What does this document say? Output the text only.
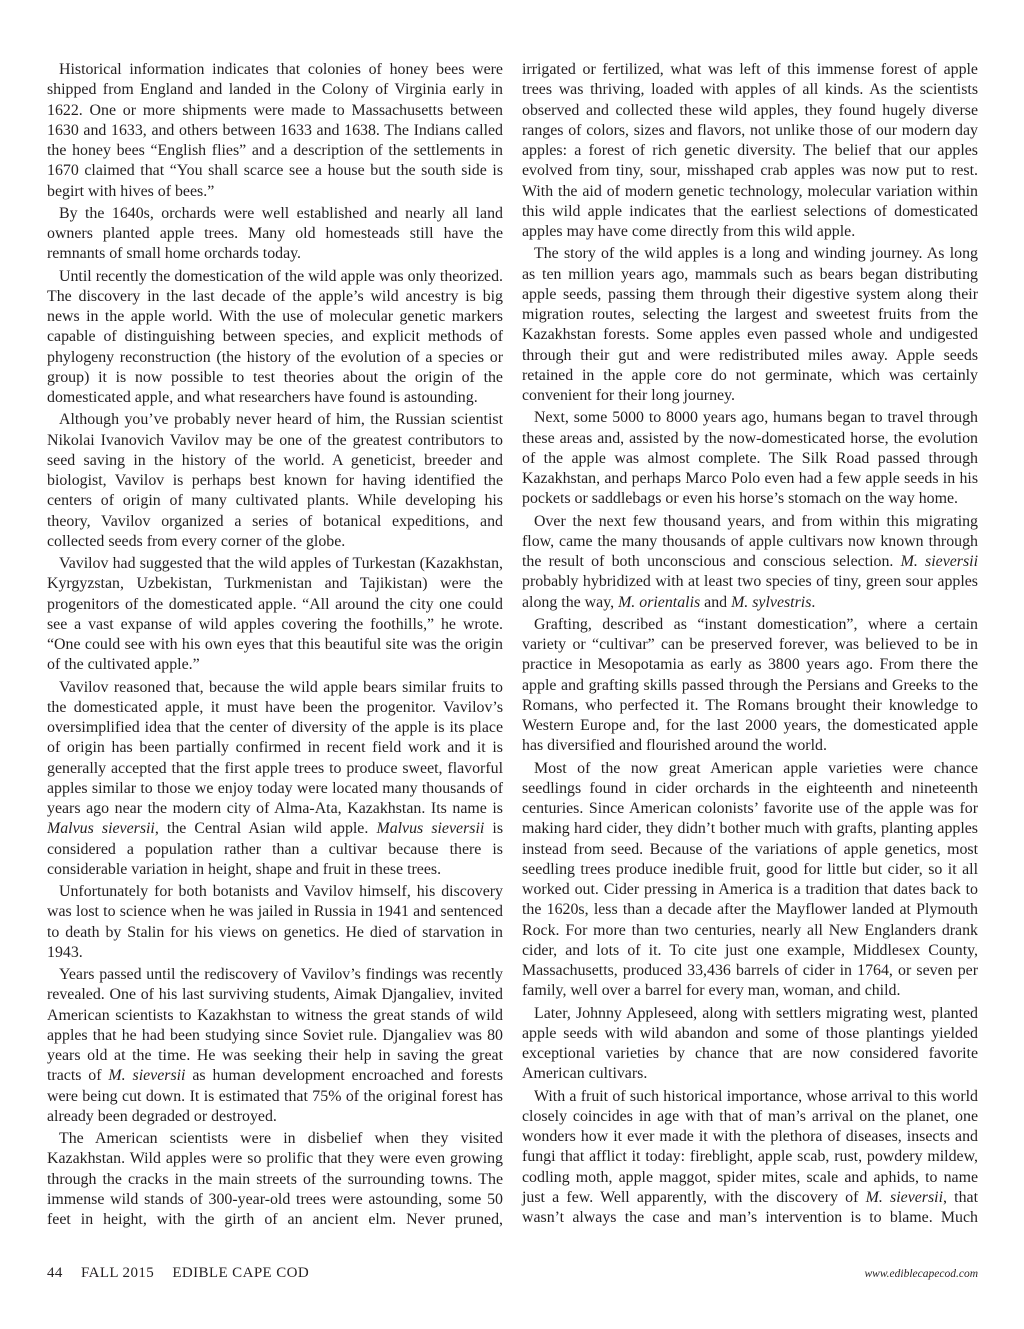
Historical information indicates that colonies of honey bees were shipped from England and landed in the Colony of Virginia early in 1622. One or more shipments were made to Massachusetts between 1630 and 1633, and others between 1633 and 1638. The Indians called the honey bees “English flies” and a description of the settlements in 1670 claimed that “You shall scarce see a house but the south side is begirt with hives of bees.”

By the 1640s, orchards were well established and nearly all land owners planted apple trees. Many old homesteads still have the remnants of small home orchards today.

Until recently the domestication of the wild apple was only theorized. The discovery in the last decade of the apple’s wild ancestry is big news in the apple world. With the use of molecular genetic markers capable of distinguishing between species, and explicit methods of phylogeny reconstruction (the history of the evolution of a species or group) it is now possible to test theories about the origin of the domesticated apple, and what researchers have found is astounding.

Although you’ve probably never heard of him, the Russian scientist Nikolai Ivanovich Vavilov may be one of the greatest contributors to seed saving in the history of the world. A geneticist, breeder and biologist, Vavilov is perhaps best known for having identified the centers of origin of many cultivated plants. While developing his theory, Vavilov organized a series of botanical expeditions, and collected seeds from every corner of the globe.

Vavilov had suggested that the wild apples of Turkestan (Kazakhstan, Kyrgyzstan, Uzbekistan, Turkmenistan and Tajikistan) were the progenitors of the domesticated apple. “All around the city one could see a vast expanse of wild apples covering the foothills,” he wrote. “One could see with his own eyes that this beautiful site was the origin of the cultivated apple.”

Vavilov reasoned that, because the wild apple bears similar fruits to the domesticated apple, it must have been the progenitor. Vavilov’s oversimplified idea that the center of diversity of the apple is its place of origin has been partially confirmed in recent field work and it is generally accepted that the first apple trees to produce sweet, flavorful apples similar to those we enjoy today were located many thousands of years ago near the modern city of Alma-Ata, Kazakhstan. Its name is Malvus sieversii, the Central Asian wild apple. Malvus sieversii is considered a population rather than a cultivar because there is considerable variation in height, shape and fruit in these trees.

Unfortunately for both botanists and Vavilov himself, his discovery was lost to science when he was jailed in Russia in 1941 and sentenced to death by Stalin for his views on genetics. He died of starvation in 1943.

Years passed until the rediscovery of Vavilov’s findings was recently revealed. One of his last surviving students, Aimak Djangaliev, invited American scientists to Kazakhstan to witness the great stands of wild apples that he had been studying since Soviet rule. Djangaliev was 80 years old at the time. He was seeking their help in saving the great tracts of M. sieversii as human development encroached and forests were being cut down. It is estimated that 75% of the original forest has already been degraded or destroyed.

The American scientists were in disbelief when they visited Kazakhstan. Wild apples were so prolific that they were even growing through the cracks in the main streets of the surrounding towns. The immense wild stands of 300-year-old trees were astounding, some 50 feet in height, with the girth of an ancient elm. Never pruned,

irrigated or fertilized, what was left of this immense forest of apple trees was thriving, loaded with apples of all kinds. As the scientists observed and collected these wild apples, they found hugely diverse ranges of colors, sizes and flavors, not unlike those of our modern day apples: a forest of rich genetic diversity. The belief that our apples evolved from tiny, sour, misshaped crab apples was now put to rest. With the aid of modern genetic technology, molecular variation within this wild apple indicates that the earliest selections of domesticated apples may have come directly from this wild apple.

The story of the wild apples is a long and winding journey. As long as ten million years ago, mammals such as bears began distributing apple seeds, passing them through their digestive system along their migration routes, selecting the largest and sweetest fruits from the Kazakhstan forests. Some apples even passed whole and undigested through their gut and were redistributed miles away. Apple seeds retained in the apple core do not germinate, which was certainly convenient for their long journey.

Next, some 5000 to 8000 years ago, humans began to travel through these areas and, assisted by the now-domesticated horse, the evolution of the apple was almost complete. The Silk Road passed through Kazakhstan, and perhaps Marco Polo even had a few apple seeds in his pockets or saddlebags or even his horse’s stomach on the way home.

Over the next few thousand years, and from within this migrating flow, came the many thousands of apple cultivars now known through the result of both unconscious and conscious selection. M. sieversii probably hybridized with at least two species of tiny, green sour apples along the way, M. orientalis and M. sylvestris.

Grafting, described as “instant domestication”, where a certain variety or “cultivar” can be preserved forever, was believed to be in practice in Mesopotamia as early as 3800 years ago. From there the apple and grafting skills passed through the Persians and Greeks to the Romans, who perfected it. The Romans brought their knowledge to Western Europe and, for the last 2000 years, the domesticated apple has diversified and flourished around the world.

Most of the now great American apple varieties were chance seedlings found in cider orchards in the eighteenth and nineteenth centuries. Since American colonists’ favorite use of the apple was for making hard cider, they didn’t bother much with grafts, planting apples instead from seed. Because of the variations of apple genetics, most seedling trees produce inedible fruit, good for little but cider, so it all worked out. Cider pressing in America is a tradition that dates back to the 1620s, less than a decade after the Mayflower landed at Plymouth Rock. For more than two centuries, nearly all New Englanders drank cider, and lots of it. To cite just one example, Middlesex County, Massachusetts, produced 33,436 barrels of cider in 1764, or seven per family, well over a barrel for every man, woman, and child.

Later, Johnny Appleseed, along with settlers migrating west, planted apple seeds with wild abandon and some of those plantings yielded exceptional varieties by chance that are now considered favorite American cultivars.

With a fruit of such historical importance, whose arrival to this world closely coincides in age with that of man’s arrival on the planet, one wonders how it ever made it with the plethora of diseases, insects and fungi that afflict it today: fireblight, apple scab, rust, powdery mildew, codling moth, apple maggot, spider mites, scale and aphids, to name just a few. Well apparently, with the discovery of M. sieversii, that wasn’t always the case and man’s intervention is to blame. Much

44 FALL 2015 EDIBLE CAPE COD	www.ediblecapecod.com
